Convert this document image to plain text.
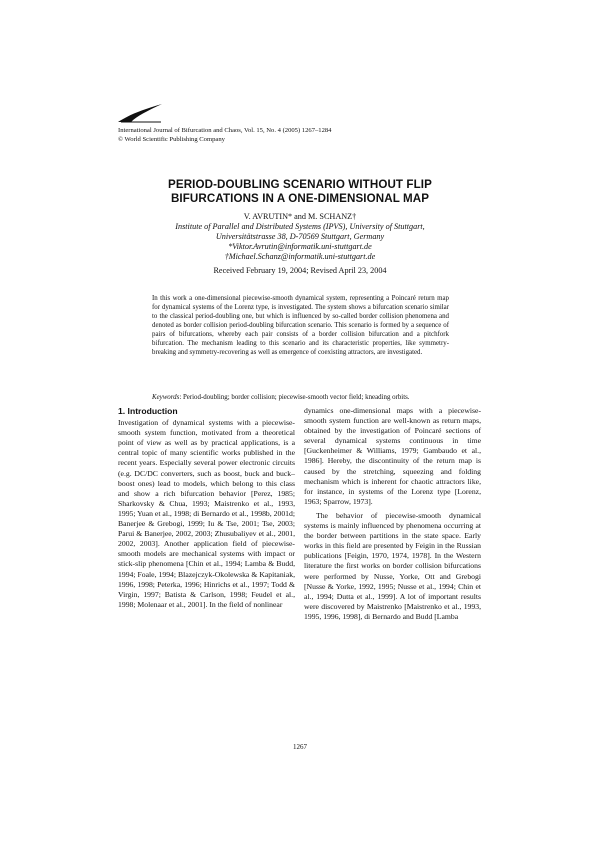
International Journal of Bifurcation and Chaos, Vol. 15, No. 4 (2005) 1267–1284
© World Scientific Publishing Company
PERIOD-DOUBLING SCENARIO WITHOUT FLIP
BIFURCATIONS IN A ONE-DIMENSIONAL MAP
V. AVRUTIN* and M. SCHANZ†
Institute of Parallel and Distributed Systems (IPVS), University of Stuttgart,
Universitätstrasse 38, D-70569 Stuttgart, Germany
*Viktor.Avrutin@informatik.uni-stuttgart.de
†Michael.Schanz@informatik.uni-stuttgart.de
Received February 19, 2004; Revised April 23, 2004
In this work a one-dimensional piecewise-smooth dynamical system, representing a Poincaré return map for dynamical systems of the Lorenz type, is investigated. The system shows a bifurcation scenario similar to the classical period-doubling one, but which is influenced by so-called border collision phenomena and denoted as border collision period-doubling bifurcation scenario. This scenario is formed by a sequence of pairs of bifurcations, whereby each pair consists of a border collision bifurcation and a pitchfork bifurcation. The mechanism leading to this scenario and its characteristic properties, like symmetry-breaking and symmetry-recovering as well as emergence of coexisting attractors, are investigated.
Keywords: Period-doubling; border collision; piecewise-smooth vector field; kneading orbits.
1. Introduction

Investigation of dynamical systems with a piecewise-smooth system function, motivated from a theoretical point of view as well as by practical applications, is a central topic of many scientific works published in the recent years. Especially several power electronic circuits (e.g. DC/DC converters, such as boost, buck and buck–boost ones) lead to models, which belong to this class and show a rich bifurcation behavior [Perez, 1985; Sharkovsky & Chua, 1993; Maistrenko et al., 1993, 1995; Yuan et al., 1998; di Bernardo et al., 1998b, 2001d; Banerjee & Grebogi, 1999; Iu & Tse, 2001; Tse, 2003; Parui & Banerjee, 2002, 2003; Zhusubaliyev et al., 2001, 2002, 2003]. Another application field of piecewise-smooth models are mechanical systems with impact or stick-slip phenomena [Chin et al., 1994; Lamba & Budd, 1994; Foale, 1994; Blazejczyk-Okolewska & Kapitaniak, 1996, 1998; Peterka, 1996; Hinrichs et al., 1997; Todd & Virgin, 1997; Batista & Carlson, 1998; Feudel et al., 1998; Molenaar et al., 2001]. In the field of nonlinear

dynamics one-dimensional maps with a piecewise-smooth system function are well-known as return maps, obtained by the investigation of Poincaré sections of several dynamical systems continuous in time [Guckenheimer & Williams, 1979; Gambaudo et al., 1986]. Hereby, the discontinuity of the return map is caused by the stretching, squeezing and folding mechanism which is inherent for chaotic attractors like, for instance, in systems of the Lorenz type [Lorenz, 1963; Sparrow, 1973].

The behavior of piecewise-smooth dynamical systems is mainly influenced by phenomena occurring at the border between partitions in the state space. Early works in this field are presented by Feigin in the Russian publications [Feigin, 1970, 1974, 1978]. In the Western literature the first works on border collision bifurcations were performed by Nusse, Yorke, Ott and Grebogi [Nusse & Yorke, 1992, 1995; Nusse et al., 1994; Chin et al., 1994; Dutta et al., 1999]. A lot of important results were discovered by Maistrenko [Maistrenko et al., 1993, 1995, 1996, 1998], di Bernardo and Budd [Lamba

1267
